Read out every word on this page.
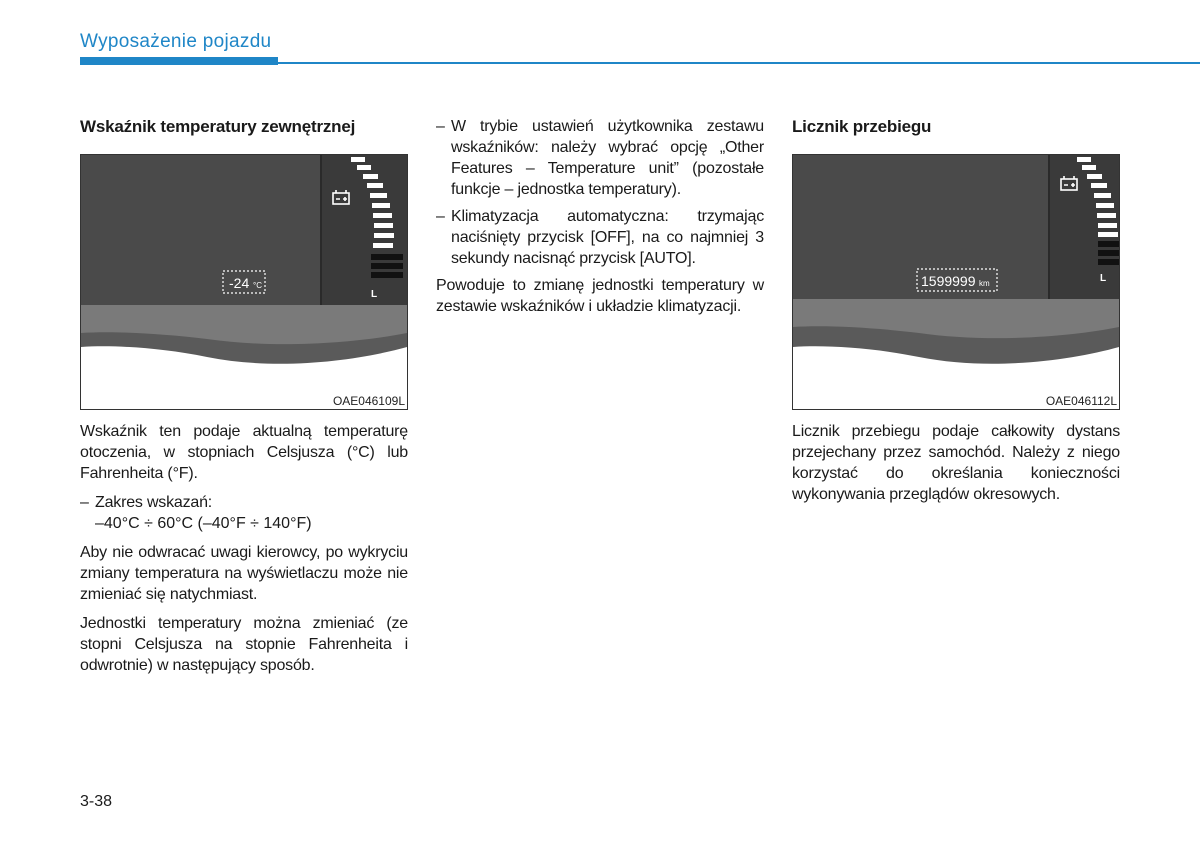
Wyposażenie pojazdu
Wskaźnik temperatury zewnętrznej
-24 °C
L
OAE046109L

Wskaźnik ten podaje aktualną temperaturę otoczenia, w stopniach Celsjusza (°C) lub Fahrenheita (°F).

– Zakres wskazań:
–40°C ÷ 60°C (–40°F ÷ 140°F)

Aby nie odwracać uwagi kierowcy, po wykryciu zmiany temperatura na wyświetlaczu może nie zmieniać się natychmiast.

Jednostki temperatury można zmieniać (ze stopni Celsjusza na stopnie Fahrenheita i odwrotnie) w następujący sposób.

– W trybie ustawień użytkownika zestawu wskaźników: należy wybrać opcję „Other Features – Temperature unit” (pozostałe funkcje – jednostka temperatury).
– Klimatyzacja automatyczna: trzymając naciśnięty przycisk [OFF], na co najmniej 3 sekundy nacisnąć przycisk [AUTO].

Powoduje to zmianę jednostki temperatury w zestawie wskaźników i układzie klimatyzacji.

Licznik przebiegu
1599999 km	L
OAE046112L

Licznik przebiegu podaje całkowity dystans przejechany przez samochód. Należy z niego korzystać do określania konieczności wykonywania przeglądów okresowych.

3-38
